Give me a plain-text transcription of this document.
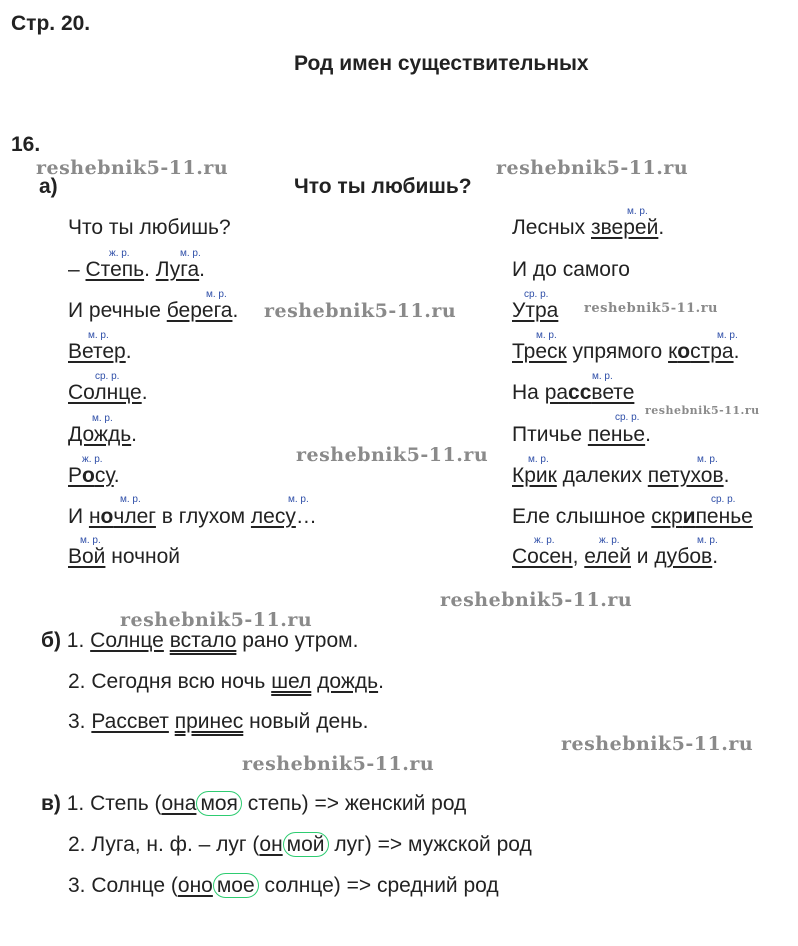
Стр. 20.
Род имен существительных
16.
reshebnik5-11.ru	reshebnik5-11.ru
reshebnik5-11.ru	reshebnik5-11.ru
reshebnik5-11.ru
reshebnik5-11.ru
reshebnik5-11.ru
reshebnik5-11.ru
reshebnik5-11.ru
reshebnik5-11.ru
а)	Что ты любишь?
Что ты любишь?
– Степь. Луга.
ж. р.	м. р.
И речные берега.
м. р.
Ветер.
м. р.
Солнце.
ср. р.
Дождь.
м. р.
Росу.
ж. р.
И ночлег в глухом лесу…
м. р.	м. р.
Вой ночной
м. р.
Лесных зверей.
м. р.
И до самого
Утра
ср. р.
Треск упрямого костра.
м. р.	м. р.
На рассвете
м. р.
Птичье пенье.
ср. р.
Крик далеких петухов.
м. р.	м. р.
Еле слышное скрипенье
ср. р.
Сосен, елей и дубов.
ж. р.	ж. р.	м. р.
б) 1. Солнце встало рано утром.
2. Сегодня всю ночь шел дождь.
3. Рассвет принес новый день.
в) 1. Степь (она моя степь) => женский род
2. Луга, н. ф. – луг (он мой луг) => мужской род
3. Солнце (оно мое солнце) => средний род
